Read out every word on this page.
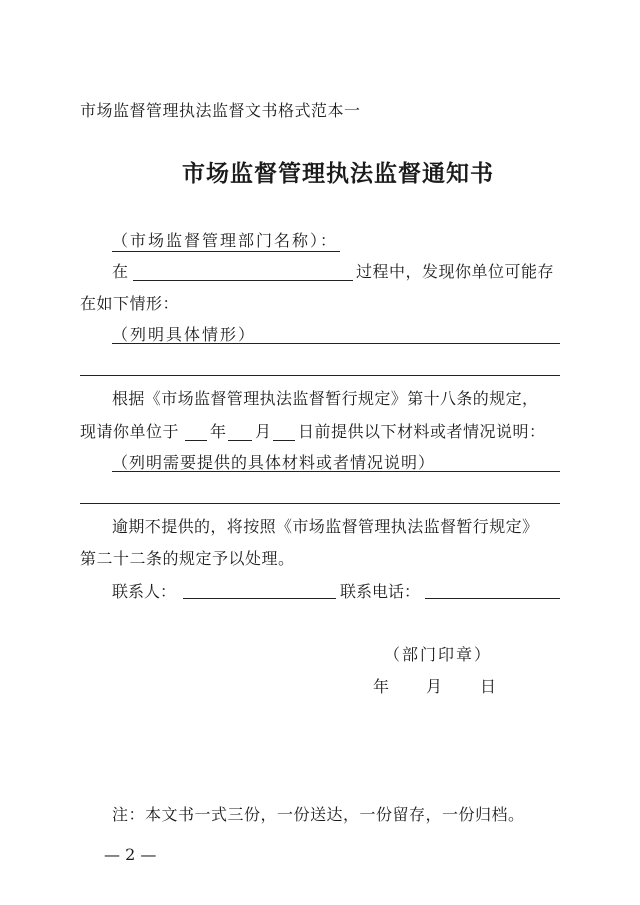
市场监督管理执法监督文书格式范本一
市场监督管理执法监督通知书
（市场监督管理部门名称）：
在	过程中，发现你单位可能存
在如下情形：
（列明具体情形）
根据《市场监督管理执法监督暂行规定》第十八条的规定，
现请你单位于 年 月 日前提供以下材料或者情况说明：
（列明需要提供的具体材料或者情况说明）
逾期不提供的，将按照《市场监督管理执法监督暂行规定》
第二十二条的规定予以处理。
联系人：	联系电话：
（部门印章）
年 月 日
注：本文书一式三份，一份送达，一份留存，一份归档。
— 2 —
